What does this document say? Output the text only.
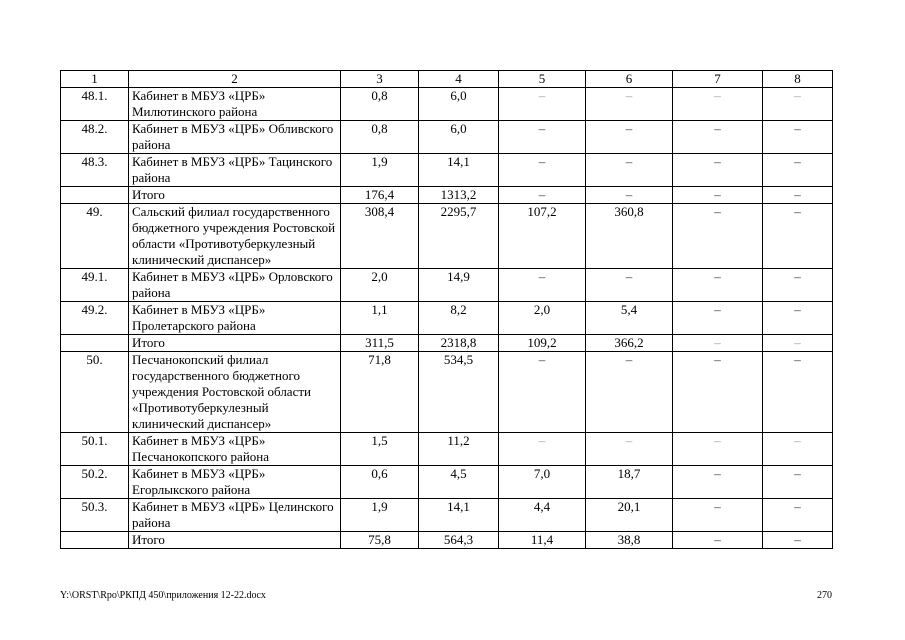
1	2	3	4	5	6	7	8
48.1.	Кабинет в МБУЗ «ЦРБ» Милютинского района	0,8	6,0	–	–	–	–
48.2.	Кабинет в МБУЗ «ЦРБ» Обливского района	0,8	6,0	–	–	–	–
48.3.	Кабинет в МБУЗ «ЦРБ» Тацинского района	1,9	14,1	–	–	–	–
	Итого	176,4	1313,2	–	–	–	–
49.	Сальский филиал государственного бюджетного учреждения Ростовской области «Противотуберкулезный клинический диспансер»	308,4	2295,7	107,2	360,8	–	–
49.1.	Кабинет в МБУЗ «ЦРБ» Орловского района	2,0	14,9	–	–	–	–
49.2.	Кабинет в МБУЗ «ЦРБ» Пролетарского района	1,1	8,2	2,0	5,4	–	–
	Итого	311,5	2318,8	109,2	366,2	–	–
50.	Песчанокопский филиал государственного бюджетного учреждения Ростовской области «Противотуберкулезный клинический диспансер»	71,8	534,5	–	–	–	–
50.1.	Кабинет в МБУЗ «ЦРБ» Песчанокопского района	1,5	11,2	–	–	–	–
50.2.	Кабинет в МБУЗ «ЦРБ» Егорлыкского района	0,6	4,5	7,0	18,7	–	–
50.3.	Кабинет в МБУЗ «ЦРБ» Целинского района	1,9	14,1	4,4	20,1	–	–
	Итого	75,8	564,3	11,4	38,8	–	–
Y:\ORST\Rpo\РКПД 450\приложения 12-22.docx	270
